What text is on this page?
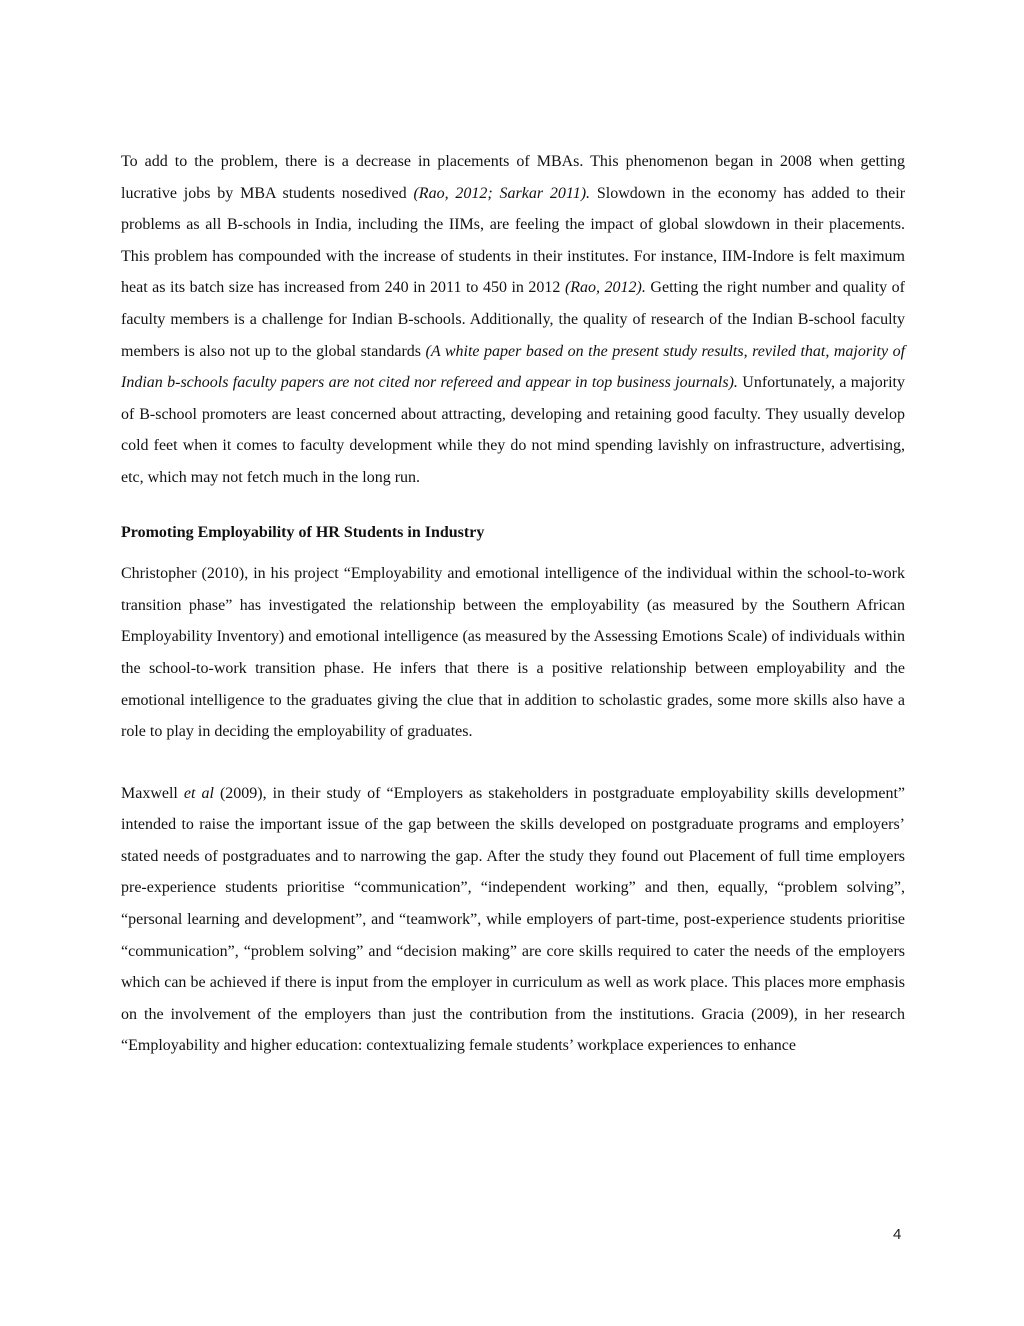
To add to the problem, there is a decrease in placements of MBAs. This phenomenon began in 2008 when getting lucrative jobs by MBA students nosedived (Rao, 2012; Sarkar 2011). Slowdown in the economy has added to their problems as all B-schools in India, including the IIMs, are feeling the impact of global slowdown in their placements. This problem has compounded with the increase of students in their institutes. For instance, IIM-Indore is felt maximum heat as its batch size has increased from 240 in 2011 to 450 in 2012 (Rao, 2012). Getting the right number and quality of faculty members is a challenge for Indian B-schools. Additionally, the quality of research of the Indian B-school faculty members is also not up to the global standards (A white paper based on the present study results, reviled that, majority of Indian b-schools faculty papers are not cited nor refereed and appear in top business journals). Unfortunately, a majority of B-school promoters are least concerned about attracting, developing and retaining good faculty. They usually develop cold feet when it comes to faculty development while they do not mind spending lavishly on infrastructure, advertising, etc, which may not fetch much in the long run.

Promoting Employability of HR Students in Industry

Christopher (2010), in his project “Employability and emotional intelligence of the individual within the school-to-work transition phase” has investigated the relationship between the employability (as measured by the Southern African Employability Inventory) and emotional intelligence (as measured by the Assessing Emotions Scale) of individuals within the school-to-work transition phase. He infers that there is a positive relationship between employability and the emotional intelligence to the graduates giving the clue that in addition to scholastic grades, some more skills also have a role to play in deciding the employability of graduates.

Maxwell et al (2009), in their study of “Employers as stakeholders in postgraduate employability skills development” intended to raise the important issue of the gap between the skills developed on postgraduate programs and employers’ stated needs of postgraduates and to narrowing the gap. After the study they found out Placement of full time employers pre-experience students prioritise “communication”, “independent working” and then, equally, “problem solving”, “personal learning and development”, and “teamwork”, while employers of part-time, post-experience students prioritise “communication”, “problem solving” and “decision making” are core skills required to cater the needs of the employers which can be achieved if there is input from the employer in curriculum as well as work place. This places more emphasis on the involvement of the employers than just the contribution from the institutions. Gracia (2009), in her research “Employability and higher education: contextualizing female students’ workplace experiences to enhance

4
